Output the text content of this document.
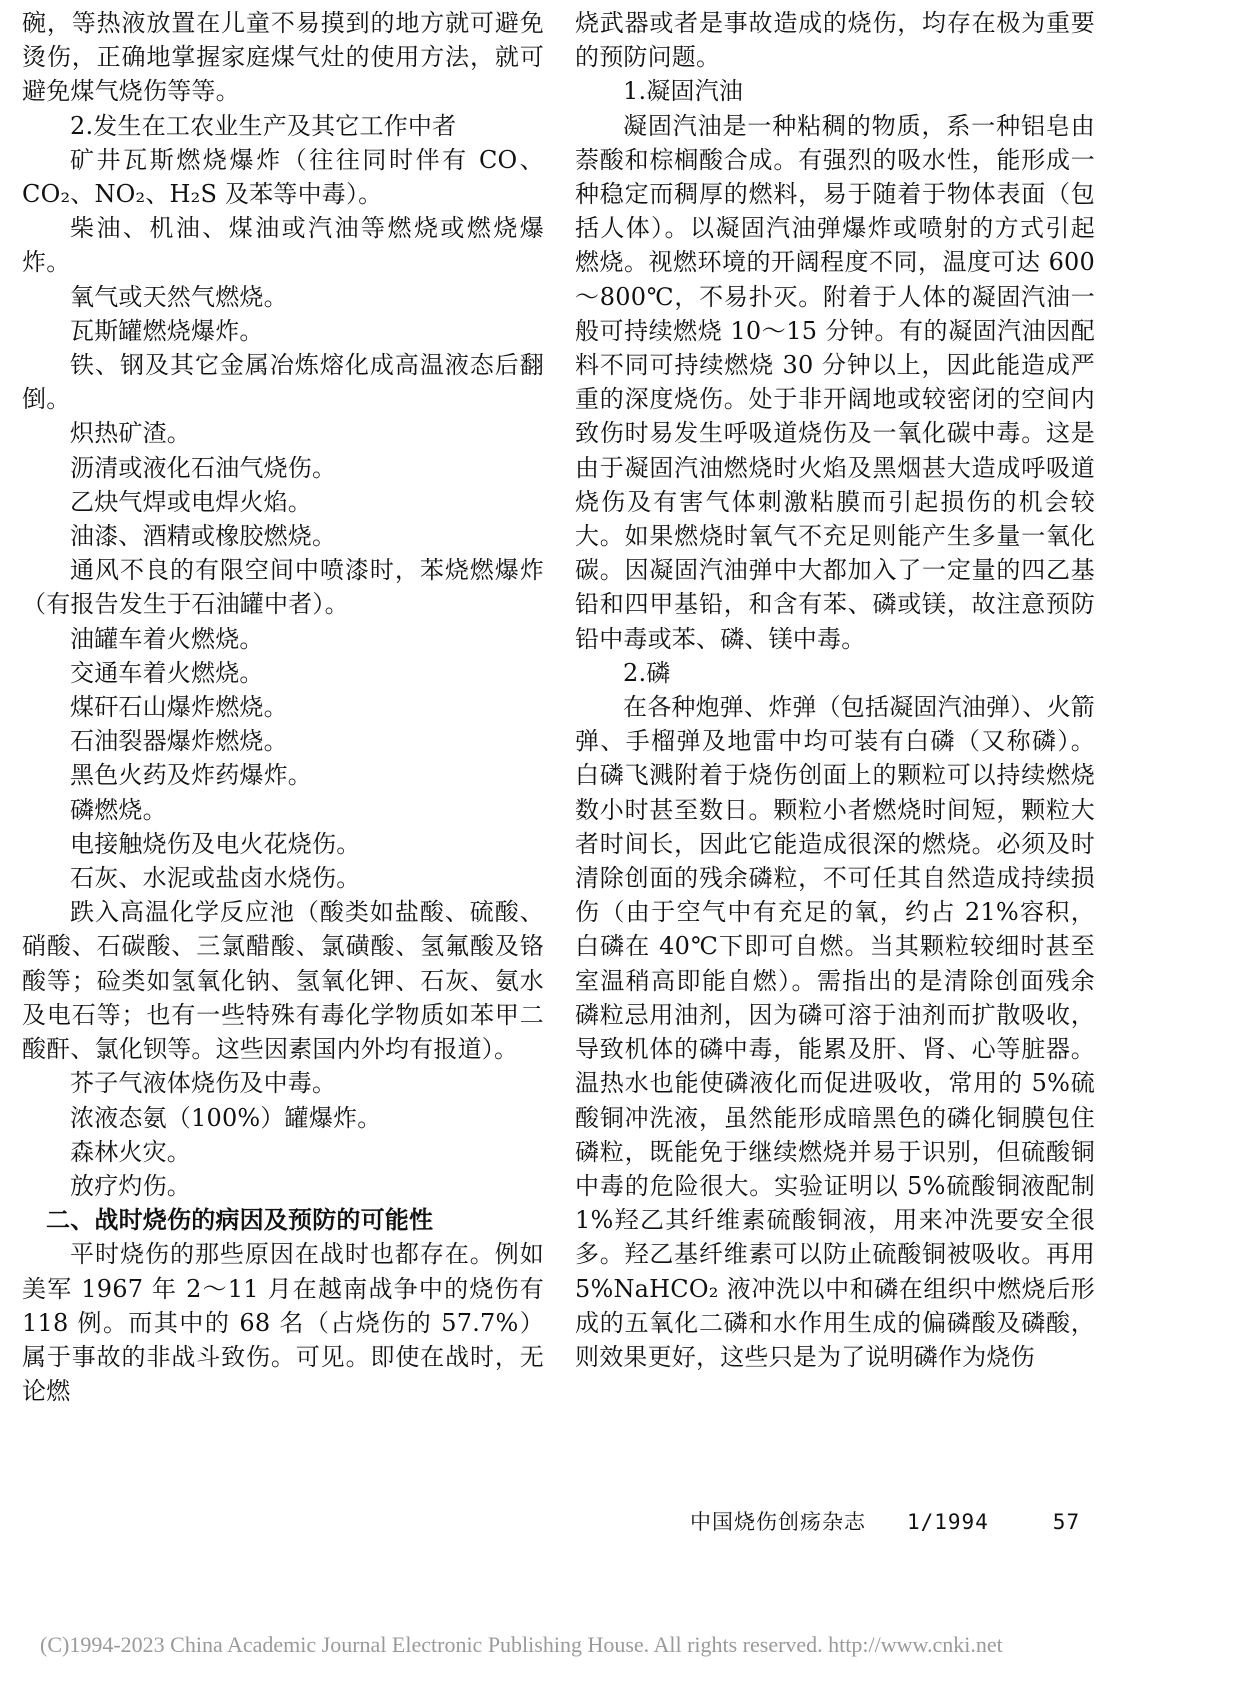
碗，等热液放置在儿童不易摸到的地方就可避免烫伤，正确地掌握家庭煤气灶的使用方法，就可避免煤气烧伤等等。

2.发生在工农业生产及其它工作中者

矿井瓦斯燃烧爆炸（往往同时伴有 CO、CO₂、NO₂、H₂S 及苯等中毒）。

柴油、机油、煤油或汽油等燃烧或燃烧爆炸。

氧气或天然气燃烧。

瓦斯罐燃烧爆炸。

铁、钢及其它金属冶炼熔化成高温液态后翻倒。

炽热矿渣。

沥清或液化石油气烧伤。

乙炔气焊或电焊火焰。

油漆、酒精或橡胶燃烧。

通风不良的有限空间中喷漆时，苯烧燃爆炸（有报告发生于石油罐中者）。

油罐车着火燃烧。

交通车着火燃烧。

煤矸石山爆炸燃烧。

石油裂器爆炸燃烧。

黑色火药及炸药爆炸。

磷燃烧。

电接触烧伤及电火花烧伤。

石灰、水泥或盐卤水烧伤。

跌入高温化学反应池（酸类如盐酸、硫酸、硝酸、石碳酸、三氯醋酸、氯磺酸、氢氟酸及铬酸等；硷类如氢氧化钠、氢氧化钾、石灰、氨水及电石等；也有一些特殊有毒化学物质如苯甲二酸酐、氯化钡等。这些因素国内外均有报道）。

芥子气液体烧伤及中毒。

浓液态氨（100%）罐爆炸。

森林火灾。

放疗灼伤。

二、战时烧伤的病因及预防的可能性

平时烧伤的那些原因在战时也都存在。例如美军 1967 年 2～11 月在越南战争中的烧伤有 118 例。而其中的 68 名（占烧伤的 57.7%）属于事故的非战斗致伤。可见。即使在战时，无论燃

烧武器或者是事故造成的烧伤，均存在极为重要的预防问题。

1.凝固汽油

凝固汽油是一种粘稠的物质，系一种铝皂由萘酸和棕榈酸合成。有强烈的吸水性，能形成一种稳定而稠厚的燃料，易于随着于物体表面（包括人体）。以凝固汽油弹爆炸或喷射的方式引起燃烧。视燃环境的开阔程度不同，温度可达 600～800℃，不易扑灭。附着于人体的凝固汽油一般可持续燃烧 10～15 分钟。有的凝固汽油因配料不同可持续燃烧 30 分钟以上，因此能造成严重的深度烧伤。处于非开阔地或较密闭的空间内致伤时易发生呼吸道烧伤及一氧化碳中毒。这是由于凝固汽油燃烧时火焰及黑烟甚大造成呼吸道烧伤及有害气体刺激粘膜而引起损伤的机会较大。如果燃烧时氧气不充足则能产生多量一氧化碳。因凝固汽油弹中大都加入了一定量的四乙基铅和四甲基铅，和含有苯、磷或镁，故注意预防铅中毒或苯、磷、镁中毒。

2.磷

在各种炮弹、炸弹（包括凝固汽油弹）、火箭弹、手榴弹及地雷中均可装有白磷（又称磷）。白磷飞溅附着于烧伤创面上的颗粒可以持续燃烧数小时甚至数日。颗粒小者燃烧时间短，颗粒大者时间长，因此它能造成很深的燃烧。必须及时清除创面的残余磷粒，不可任其自然造成持续损伤（由于空气中有充足的氧，约占 21%容积，白磷在 40℃下即可自燃。当其颗粒较细时甚至室温稍高即能自燃）。需指出的是清除创面残余磷粒忌用油剂，因为磷可溶于油剂而扩散吸收，导致机体的磷中毒，能累及肝、肾、心等脏器。温热水也能使磷液化而促进吸收，常用的 5%硫酸铜冲洗液，虽然能形成暗黑色的磷化铜膜包住磷粒，既能免于继续燃烧并易于识别，但硫酸铜中毒的危险很大。实验证明以 5%硫酸铜液配制 1%羟乙其纤维素硫酸铜液，用来冲洗要安全很多。羟乙基纤维素可以防止硫酸铜被吸收。再用 5%NaHCO₂ 液冲洗以中和磷在组织中燃烧后形成的五氧化二磷和水作用生成的偏磷酸及磷酸，则效果更好，这些只是为了说明磷作为烧伤

中国烧伤创疡杂志 1/1994	57
(C)1994-2023 China Academic Journal Electronic Publishing House. All rights reserved. http://www.cnki.net
